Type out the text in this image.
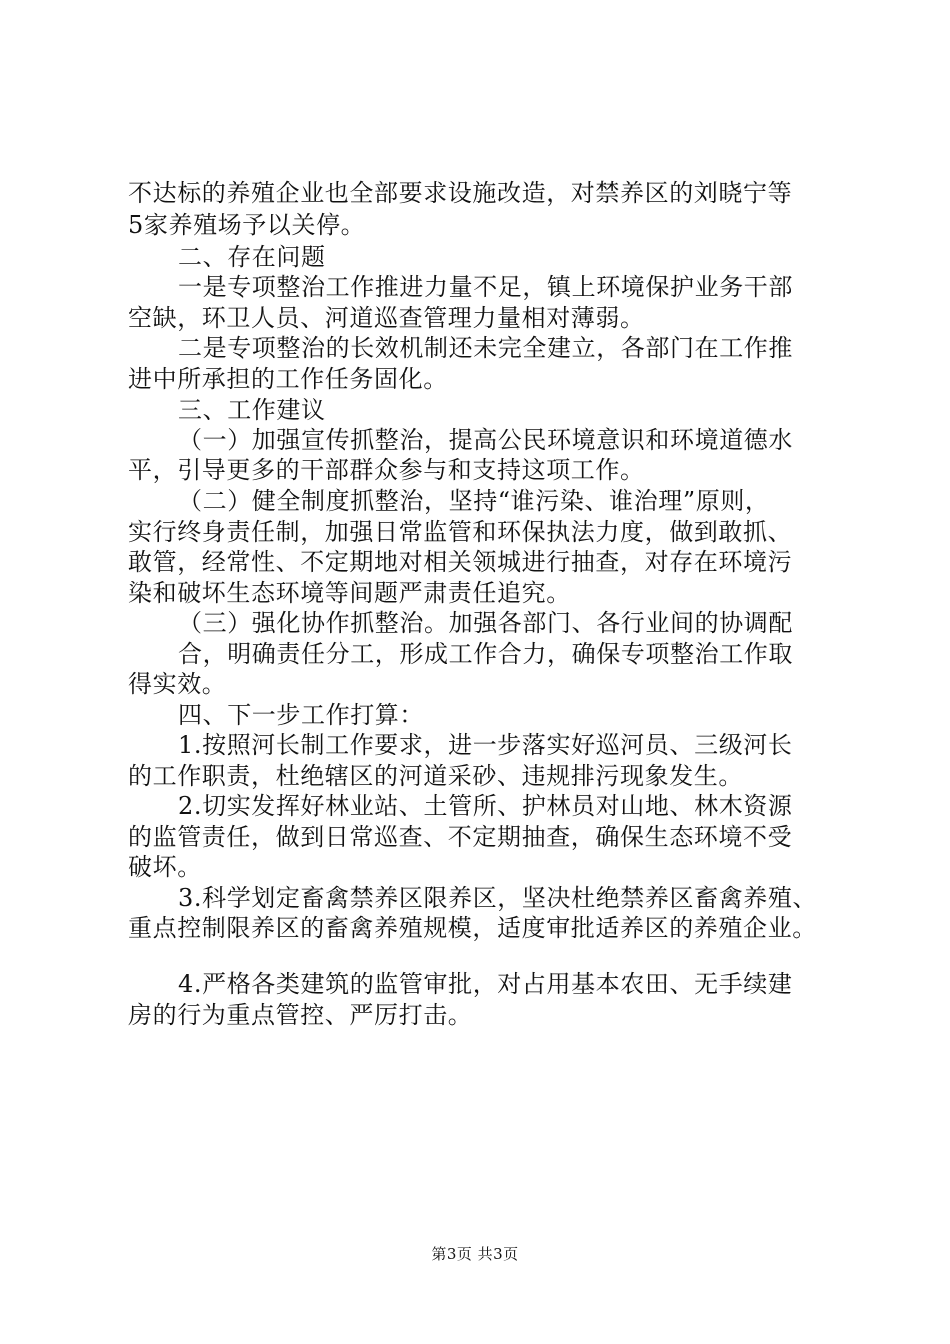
不达标的养殖企业也全部要求设施改造，对禁养区的刘晓宁等
5家养殖场予以关停。
二、存在问题
一是专项整治工作推进力量不足，镇上环境保护业务干部
空缺，环卫人员、河道巡查管理力量相对薄弱。
二是专项整治的长效机制还未完全建立，各部门在工作推
进中所承担的工作任务固化。
三、工作建议
（一）加强宣传抓整治，提高公民环境意识和环境道德水
平，引导更多的干部群众参与和支持这项工作。
（二）健全制度抓整治，坚持“谁污染、谁治理”原则，
实行终身责任制，加强日常监管和环保执法力度，做到敢抓、
敢管，经常性、不定期地对相关领城进行抽查，对存在环境污
染和破坏生态环境等间题严肃责任追究。
（三）强化协作抓整治。加强各部门、各行业间的协调配
合，明确责任分工，形成工作合力，确保专项整治工作取
得实效。
四、下一步工作打算：
1.按照河长制工作要求，进一步落实好巡河员、三级河长
的工作职责，杜绝辖区的河道采砂、违规排污现象发生。
2.切实发挥好林业站、土管所、护林员对山地、林木资源
的监管责任，做到日常巡查、不定期抽查，确保生态环境不受
破坏。
3.科学划定畜禽禁养区限养区，坚决杜绝禁养区畜禽养殖、
重点控制限养区的畜禽养殖规模，适度审批适养区的养殖企业。
4.严格各类建筑的监管审批，对占用基本农田、无手续建
房的行为重点管控、严厉打击。
第3页 共3页
